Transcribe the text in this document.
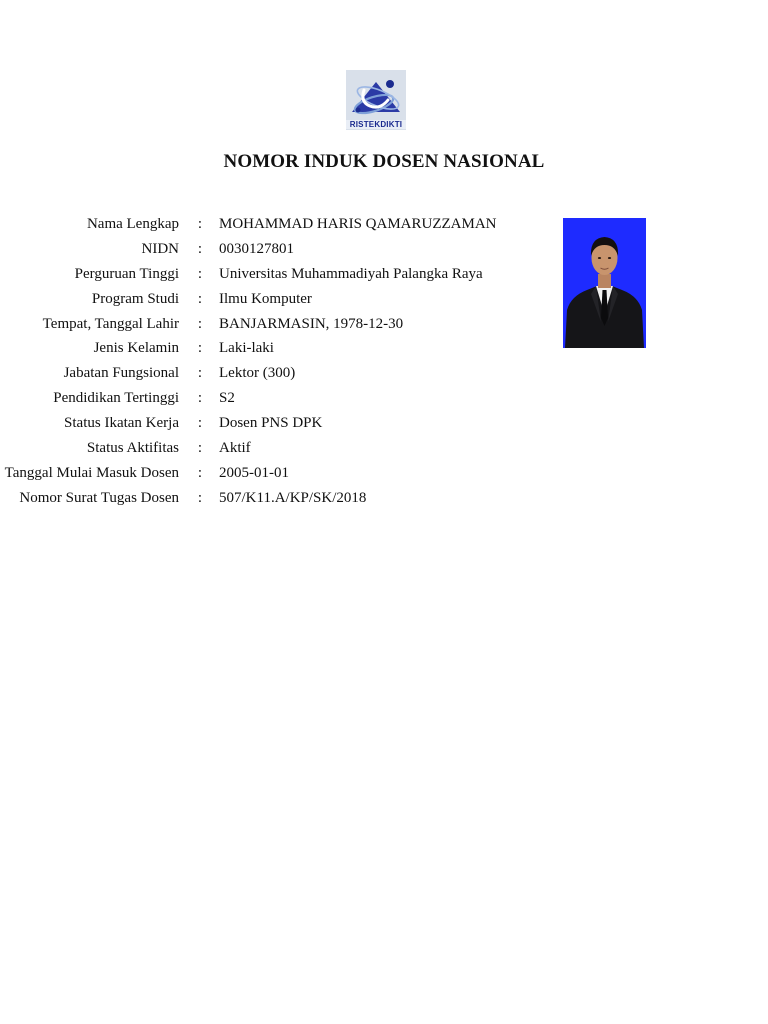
RISTEKDIKTI
NOMOR INDUK DOSEN NASIONAL
Nama Lengkap : MOHAMMAD HARIS QAMARUZZAMAN
NIDN : 0030127801
Perguruan Tinggi : Universitas Muhammadiyah Palangka Raya
Program Studi : Ilmu Komputer
Tempat, Tanggal Lahir : BANJARMASIN, 1978-12-30
Jenis Kelamin : Laki-laki
Jabatan Fungsional : Lektor (300)
Pendidikan Tertinggi : S2
Status Ikatan Kerja : Dosen PNS DPK
Status Aktifitas : Aktif
Tanggal Mulai Masuk Dosen : 2005-01-01
Nomor Surat Tugas Dosen : 507/K11.A/KP/SK/2018
